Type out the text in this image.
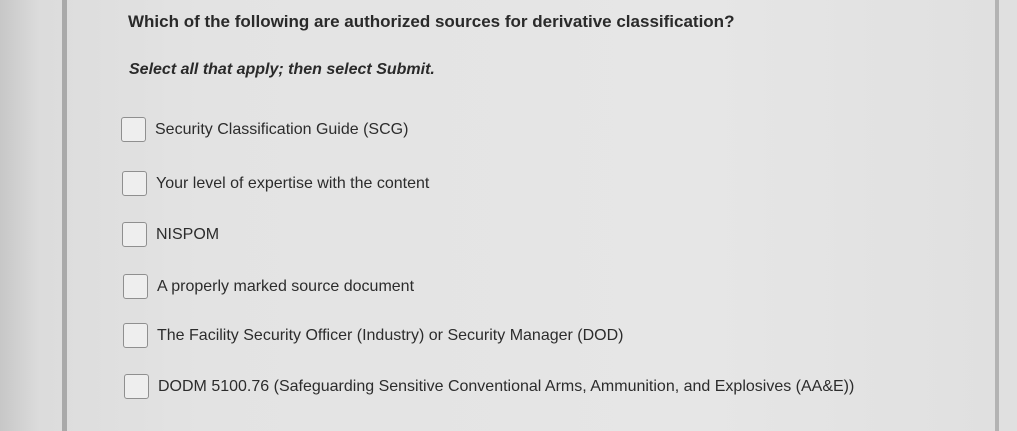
Which of the following are authorized sources for derivative classification?
Select all that apply; then select Submit.
Security Classification Guide (SCG)
Your level of expertise with the content
NISPOM
A properly marked source document
The Facility Security Officer (Industry) or Security Manager (DOD)
DODM 5100.76 (Safeguarding Sensitive Conventional Arms, Ammunition, and Explosives (AA&E))
